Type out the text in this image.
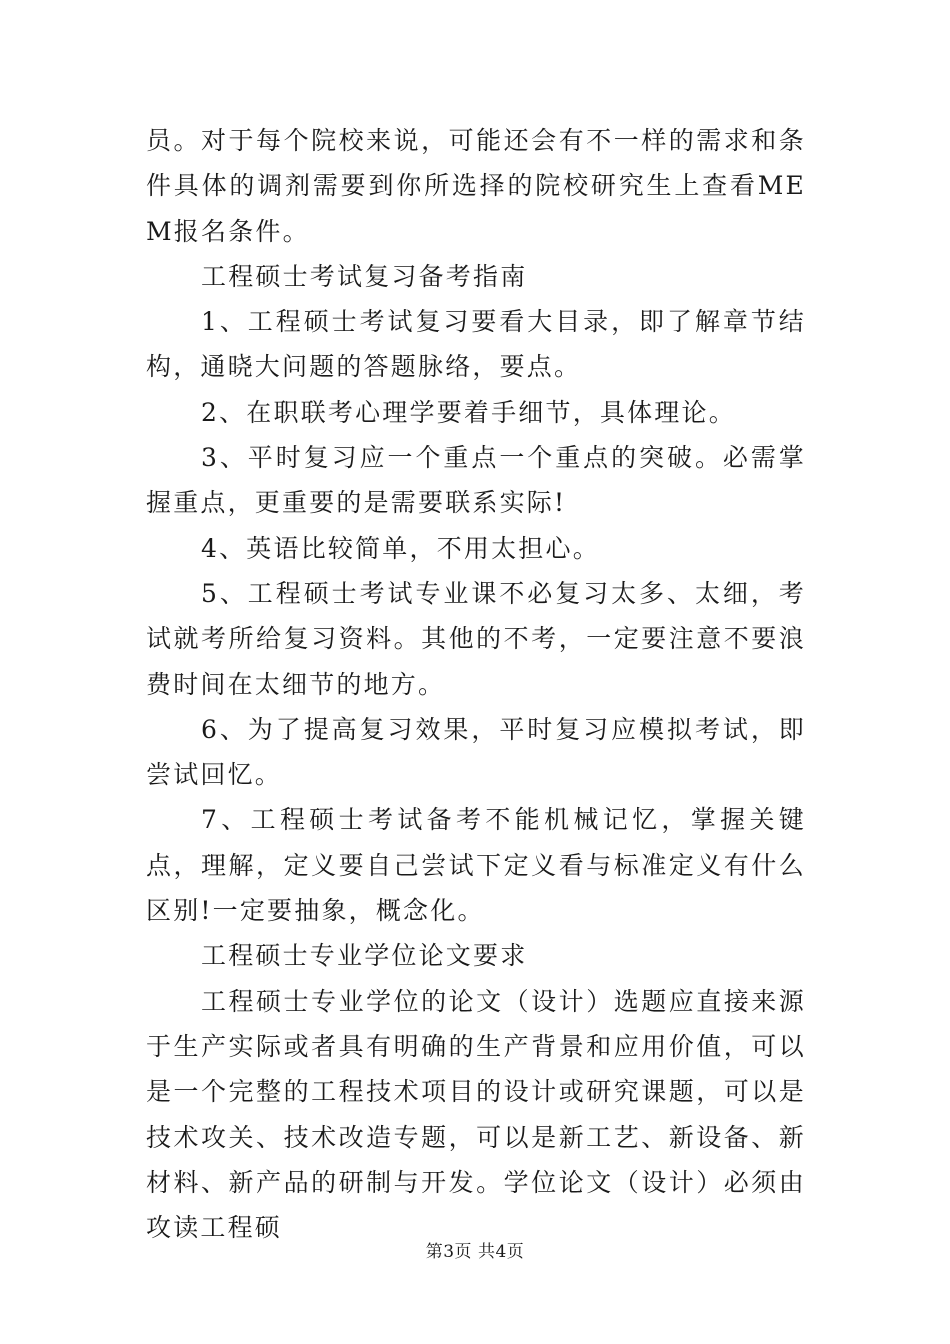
员。对于每个院校来说，可能还会有不一样的需求和条件具体的调剂需要到你所选择的院校研究生上查看MEM报名条件。

工程硕士考试复习备考指南

1、工程硕士考试复习要看大目录，即了解章节结构，通晓大问题的答题脉络，要点。

2、在职联考心理学要着手细节，具体理论。

3、平时复习应一个重点一个重点的突破。必需掌握重点，更重要的是需要联系实际!

4、英语比较简单，不用太担心。

5、工程硕士考试专业课不必复习太多、太细，考试就考所给复习资料。其他的不考，一定要注意不要浪费时间在太细节的地方。

6、为了提高复习效果，平时复习应模拟考试，即尝试回忆。

7、工程硕士考试备考不能机械记忆，掌握关键点，理解，定义要自己尝试下定义看与标准定义有什么区别!一定要抽象，概念化。

工程硕士专业学位论文要求

工程硕士专业学位的论文（设计）选题应直接来源于生产实际或者具有明确的生产背景和应用价值，可以是一个完整的工程技术项目的设计或研究课题，可以是技术攻关、技术改造专题，可以是新工艺、新设备、新材料、新产品的研制与开发。学位论文（设计）必须由攻读工程硕

第3页 共4页
